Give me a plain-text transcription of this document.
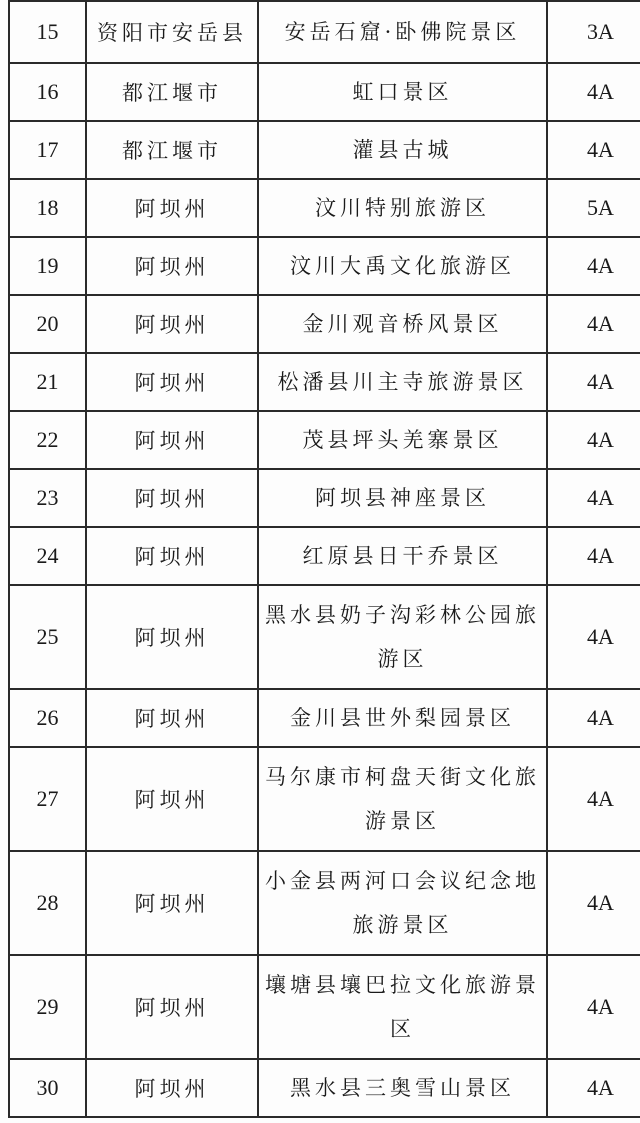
15	资阳市安岳县	安岳石窟·卧佛院景区	3A
16	都江堰市	虹口景区	4A
17	都江堰市	灌县古城	4A
18	阿坝州	汶川特别旅游区	5A
19	阿坝州	汶川大禹文化旅游区	4A
20	阿坝州	金川观音桥风景区	4A
21	阿坝州	松潘县川主寺旅游景区	4A
22	阿坝州	茂县坪头羌寨景区	4A
23	阿坝州	阿坝县神座景区	4A
24	阿坝州	红原县日干乔景区	4A
25	阿坝州	黑水县奶子沟彩林公园旅游区	4A
26	阿坝州	金川县世外梨园景区	4A
27	阿坝州	马尔康市柯盘天街文化旅游景区	4A
28	阿坝州	小金县两河口会议纪念地旅游景区	4A
29	阿坝州	壤塘县壤巴拉文化旅游景区	4A
30	阿坝州	黑水县三奥雪山景区	4A
